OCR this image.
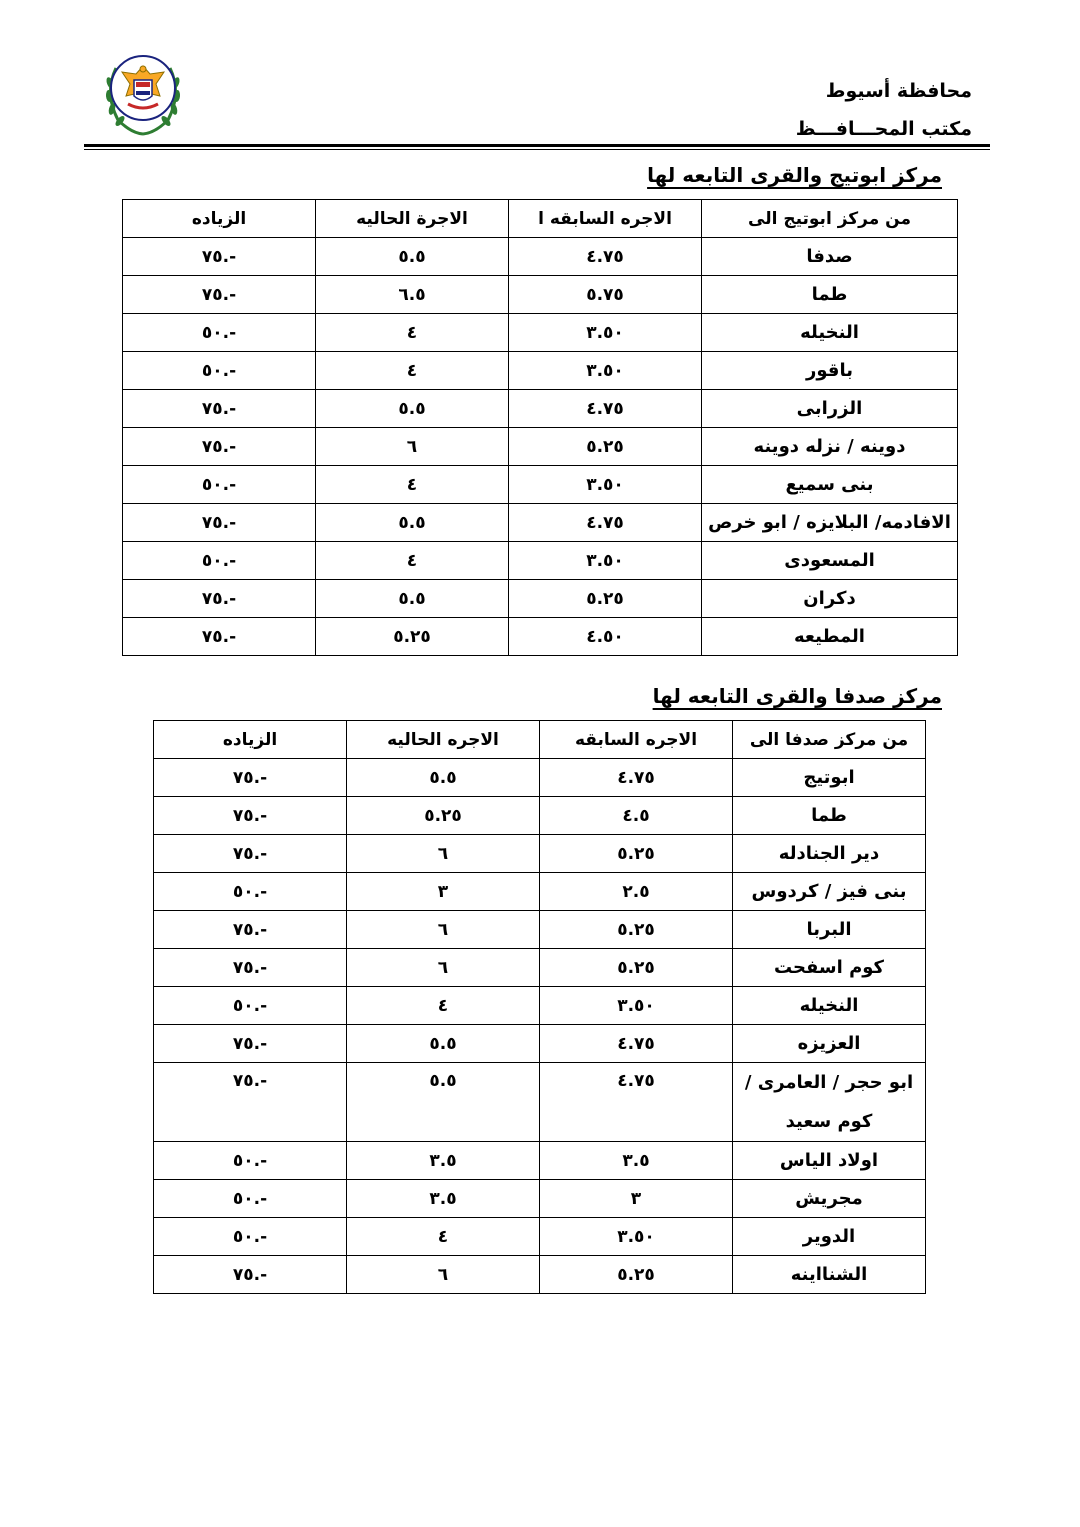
محافظة أسيوط
مكتب المحـــافـــظ
مركز ابوتيج والقرى التابعه لها
من مركز ابوتيج الى	الاجره السابقه ا	الاجرة الحاليه	الزياده
صدفا	٤.٧٥	٥.٥	-.٧٥
طما	٥.٧٥	٦.٥	-.٧٥
النخيله	٣.٥٠	٤	-.٥٠
باقور	٣.٥٠	٤	-.٥٠
الزرابى	٤.٧٥	٥.٥	-.٧٥
دوينه / نزله دوينه	٥.٢٥	٦	-.٧٥
بنى سميع	٣.٥٠	٤	-.٥٠
الافادمه/ البلايزه / ابو خرص	٤.٧٥	٥.٥	-.٧٥
المسعودى	٣.٥٠	٤	-.٥٠
دكران	٥.٢٥	٥.٥	-.٧٥
المطيعه	٤.٥٠	٥.٢٥	-.٧٥
مركز صدفا والقرى التابعه لها
من مركز صدفا الى	الاجره السابقه	الاجره الحاليه	الزياده
ابوتيج	٤.٧٥	٥.٥	-.٧٥
طما	٤.٥	٥.٢٥	-.٧٥
دير الجنادله	٥.٢٥	٦	-.٧٥
بنى فيز / كردوس	٢.٥	٣	-.٥٠
البربا	٥.٢٥	٦	-.٧٥
كوم اسفحت	٥.٢٥	٦	-.٧٥
النخيله	٣.٥٠	٤	-.٥٠
العزيزه	٤.٧٥	٥.٥	-.٧٥
ابو حجر / العامرى / كوم سعيد	٤.٧٥	٥.٥	-.٧٥
اولاد الياس	٣.٥	٣.٥	-.٥٠
مجريش	٣	٣.٥	-.٥٠
الدوير	٣.٥٠	٤	-.٥٠
الشنااينه	٥.٢٥	٦	-.٧٥
